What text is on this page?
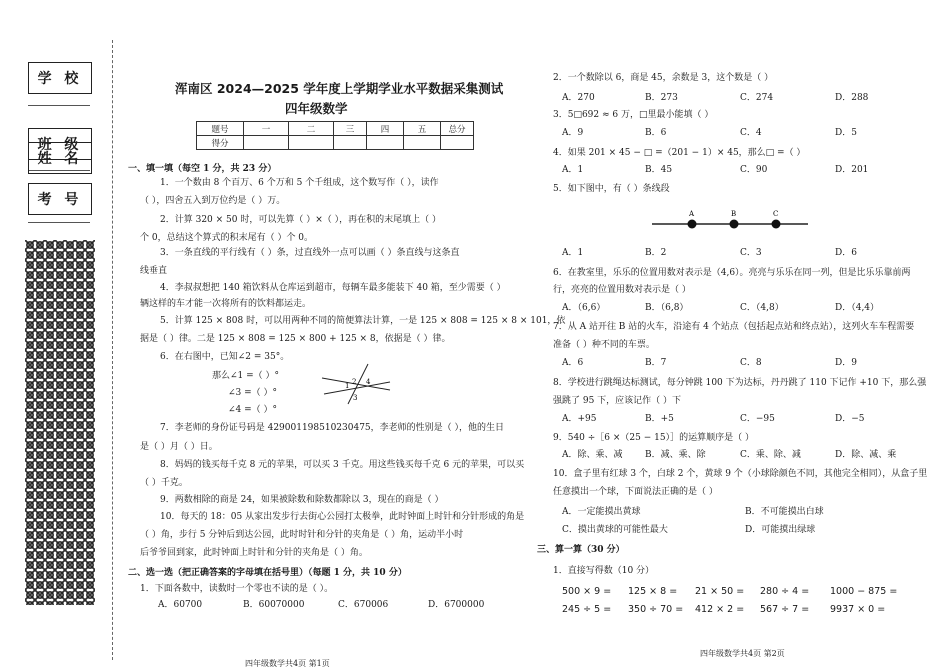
学 校
班 级
姓 名
考 号
浑南区 2024—2025 学年度上学期学业水平数据采集测试
四年级数学
题号	一	二	三	四	五	总分
得分						
一、填一填（每空 1 分，共 23 分）
1．一个数由 8 个百万、6 个万和 5 个千组成，这个数写作（ ），读作
（ ），四舍五入到万位约是（ ）万。
2．计算 320 × 50 时，可以先算（ ）×（ ），再在积的末尾填上（ ）
个 0，总结这个算式的积末尾有（ ）个 0。
3．一条直线的平行线有（ ）条，过直线外一点可以画（ ）条直线与这条直
线垂直
4．李叔叔想把 140 箱饮料从仓库运到超市，每辆车最多能装下 40 箱，至少需要（ ）
辆这样的车才能一次将所有的饮料都运走。
5．计算 125 × 808 时，可以用两种不同的简便算法计算，一是 125 × 808 = 125 × 8 × 101，依
据是（ ）律。二是 125 × 808 = 125 × 800 + 125 × 8，依据是（ ）律。
6．在右图中，已知∠2 = 35°。
那么∠1 =（ ）°
∠3 =（ ）°
∠4 =（ ）°
7．李老师的身份证号码是 429001198510230475，李老师的性别是（ ），他的生日
是（ ）月（ ）日。
8．妈妈的钱买每千克 8 元的苹果，可以买 3 千克。用这些钱买每千克 6 元的苹果，可以买
（ ）千克。
9．两数相除的商是 24，如果被除数和除数都除以 3，现在的商是（ ）
10．每天的 18：05 从家出发步行去街心公园打太极拳，此时钟面上时针和分针形成的角是
（ ）角，步行 5 分钟后到达公园，此时时针和分针的夹角是（ ）角，运动半小时
后爷爷回到家，此时钟面上时针和分针的夹角是（ ）角。
二、选一选（把正确答案的字母填在括号里）（每题 1 分，共 10 分）
1．下面各数中，读数时一个零也不读的是（ ）。
A．60700	B．60070000	C．670006	D．6700000
1 2
3
4
2．一个数除以 6，商是 45，余数是 3，这个数是（ ）
3．5□692 ≈ 6 万，□里最小能填（ ）
4．如果 201 × 45 − □ =（201 − 1）× 45，那么□ =（ ）
5．如下图中，有（ ）条线段
6．在教室里，乐乐的位置用数对表示是（4,6）。亮亮与乐乐在同一列，但是比乐乐靠前两
行，亮亮的位置用数对表示是（ ）
7．从 A 站开往 B 站的火车，沿途有 4 个站点（包括起点站和终点站），这列火车车程需要
准备（ ）种不同的车票。
8．学校进行跳绳达标测试，每分钟跳 100 下为达标，丹丹跳了 110 下记作 +10 下，那么强
强跳了 95 下，应该记作（ ）下
9．540 ÷［6 ×（25 − 15）］的运算顺序是（ ）
10．盒子里有红球 3 个，白球 2 个，黄球 9 个（小球除颜色不同，其他完全相同），从盒子里
任意摸出一个球，下面说法正确的是（ ）
三、算一算（30 分）
1．直接写得数（10 分）
A．270	B．273	C．274	D．288
A．9	B．6	C．4	D．5
A．1	B．45	C．90	D．201
A．1	B．2	C．3	D．6
A．（6,6）	B．（6,8）	C．（4,8）	D．（4,4）
A．6	B．7	C．8	D．9
A．+95	B．+5	C．−95	D．−5
A．除、乘、减	B．减、乘、除	C．乘、除、减	D．除、减、乘
A．一定能摸出黄球	B．不可能摸出白球
C．摸出黄球的可能性最大	D．可能摸出绿球
500 × 9 = 125 × 8 = 21 × 50 = 280 ÷ 4 = 1000 − 875 =
245 ÷ 5 = 350 ÷ 70 = 412 × 2 = 567 ÷ 7 = 9937 × 0 =
A	B	C
四年级数学共4页 第1页
四年级数学共4页 第2页
